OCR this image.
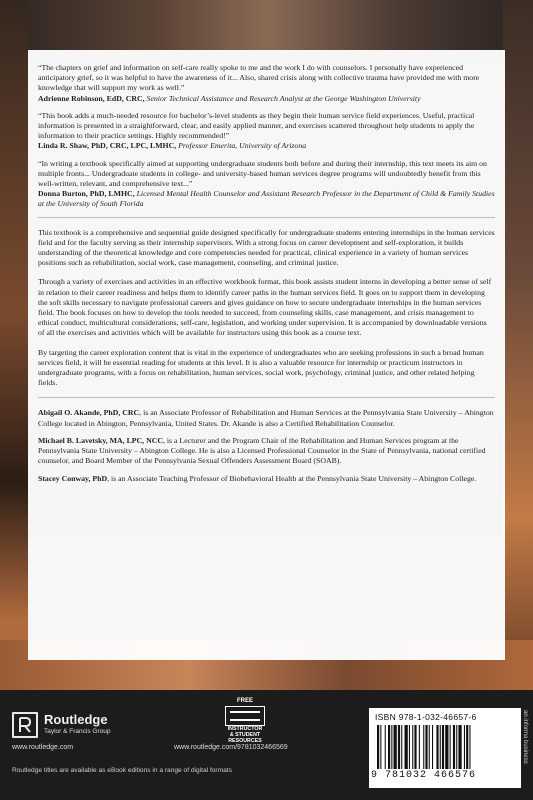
“The chapters on grief and information on self-care really spoke to me and the work I do with counselors. I personally have experienced anticipatory grief, so it was helpful to have the awareness of it... Also, shared crisis along with collective trauma have provided me with more knowledge that will support my work as well.”
Adrienne Robinson, EdD, CRC, Senior Technical Assistance and Research Analyst at the George Washington University
“This book adds a much-needed resource for bachelor’s-level students as they begin their human service field experiences. Useful, practical information is presented in a straightforward, clear, and easily applied manner, and exercises scattered throughout help students to apply the information to their practice settings. Highly recommended!”
Linda R. Shaw, PhD, CRC, LPC, LMHC, Professor Emerita, University of Arizona
“In writing a textbook specifically aimed at supporting undergraduate students both before and during their internship, this text meets its aim on multiple fronts... Undergraduate students in college- and university-based human services degree programs will undoubtedly benefit from this well-written, relevant, and comprehensive text...”
Donna Burton, PhD, LMHC, Licensed Mental Health Counselor and Assistant Research Professor in the Department of Child & Family Studies at the University of South Florida

This textbook is a comprehensive and sequential guide designed specifically for undergraduate students entering internships in the human services field and for the faculty serving as their internship supervisors. With a strong focus on career development and self-exploration, it builds understanding of the theoretical knowledge and core competencies needed for practical, clinical experience in a variety of human services positions such as rehabilitation, social work, case management, counseling, and criminal justice.

Through a variety of exercises and activities in an effective workbook format, this book assists student interns in developing a better sense of self in relation to their career readiness and helps them to identify career paths in the human services field. It goes on to support them in developing the soft skills necessary to navigate professional careers and gives guidance on how to secure undergraduate internships in the human services field. The book focuses on how to develop the tools needed to succeed, from counseling skills, case management, and crisis management to ethical conduct, multicultural considerations, self-care, legislation, and working under supervision. It is accompanied by downloadable versions of all the exercises and activities which will be available for instructors using this book as a course text.

By targeting the career exploration content that is vital in the experience of undergraduates who are seeking professions in such a broad human services field, it will be essential reading for students at this level. It is also a valuable resource for internship or practicum instructors in undergraduate programs, with a focus on rehabilitation, human services, social work, psychology, criminal justice, and other related helping fields.

Abigail O. Akande, PhD, CRC, is an Associate Professor of Rehabilitation and Human Services at the Pennsylvania State University – Abington College located in Abington, Pennsylvania, United States. Dr. Akande is also a Certified Rehabilitation Counselor.

Michael B. Lavetsky, MA, LPC, NCC, is a Lecturer and the Program Chair of the Rehabilitation and Human Services program at the Pennsylvania State University – Abington College. He is also a Licensed Professional Counselor in the State of Pennsylvania, national certified counselor, and Board Member of the Pennsylvania Sexual Offenders Assessment Board (SOAB).

Stacey Conway, PhD, is an Associate Teaching Professor of Biobehavioral Health at the Pennsylvania State University – Abington College.

Routledge
Taylor & Francis Group
www.routledge.com
FREE
INSTRUCTOR
& STUDENT
RESOURCES
www.routledge.com/9781032466569
Routledge titles are available as eBook editions in a range of digital formats
ISBN 978-1-032-46657-6
9 781032 466576
an informa business
